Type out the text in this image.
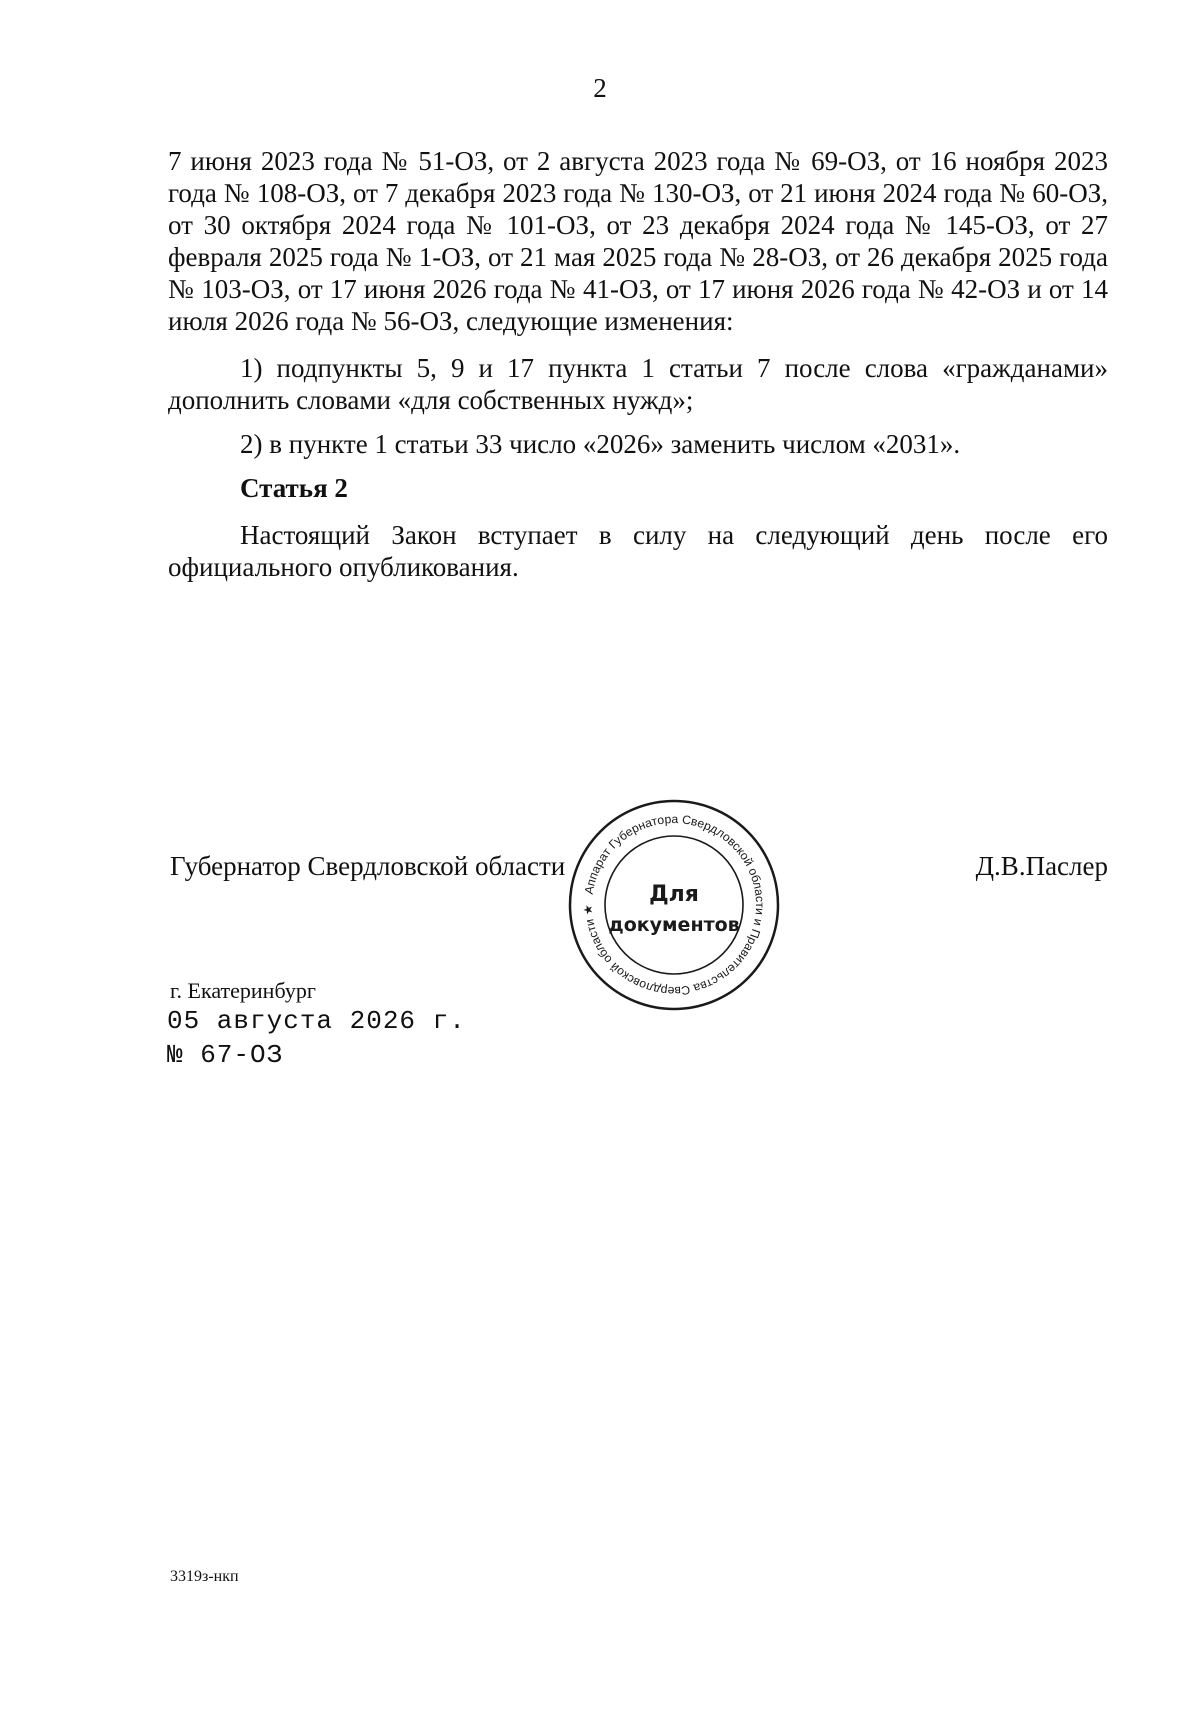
2
7 июня 2023 года № 51-ОЗ, от 2 августа 2023 года № 69-ОЗ, от 16 ноября 2023 года № 108-ОЗ, от 7 декабря 2023 года № 130-ОЗ, от 21 июня 2024 года № 60-ОЗ, от 30 октября 2024 года № 101-ОЗ, от 23 декабря 2024 года № 145-ОЗ, от 27 февраля 2025 года № 1-ОЗ, от 21 мая 2025 года № 28-ОЗ, от 26 декабря 2025 года № 103-ОЗ, от 17 июня 2026 года № 41-ОЗ, от 17 июня 2026 года № 42-ОЗ и от 14 июля 2026 года № 56-ОЗ, следующие изменения:
1) подпункты 5, 9 и 17 пункта 1 статьи 7 после слова «гражданами» дополнить словами «для собственных нужд»;
2) в пункте 1 статьи 33 число «2026» заменить числом «2031».
Статья 2
Настоящий Закон вступает в силу на следующий день после его официального опубликования.
Губернатор Свердловской области
Аппарат Губернатора Свердловской области и Правительства Свердловской области ★
Для
документов
Д.В.Паслер
г. Екатеринбург
05 августа 2026 г.
№ 67-ОЗ
3319з-нкп
